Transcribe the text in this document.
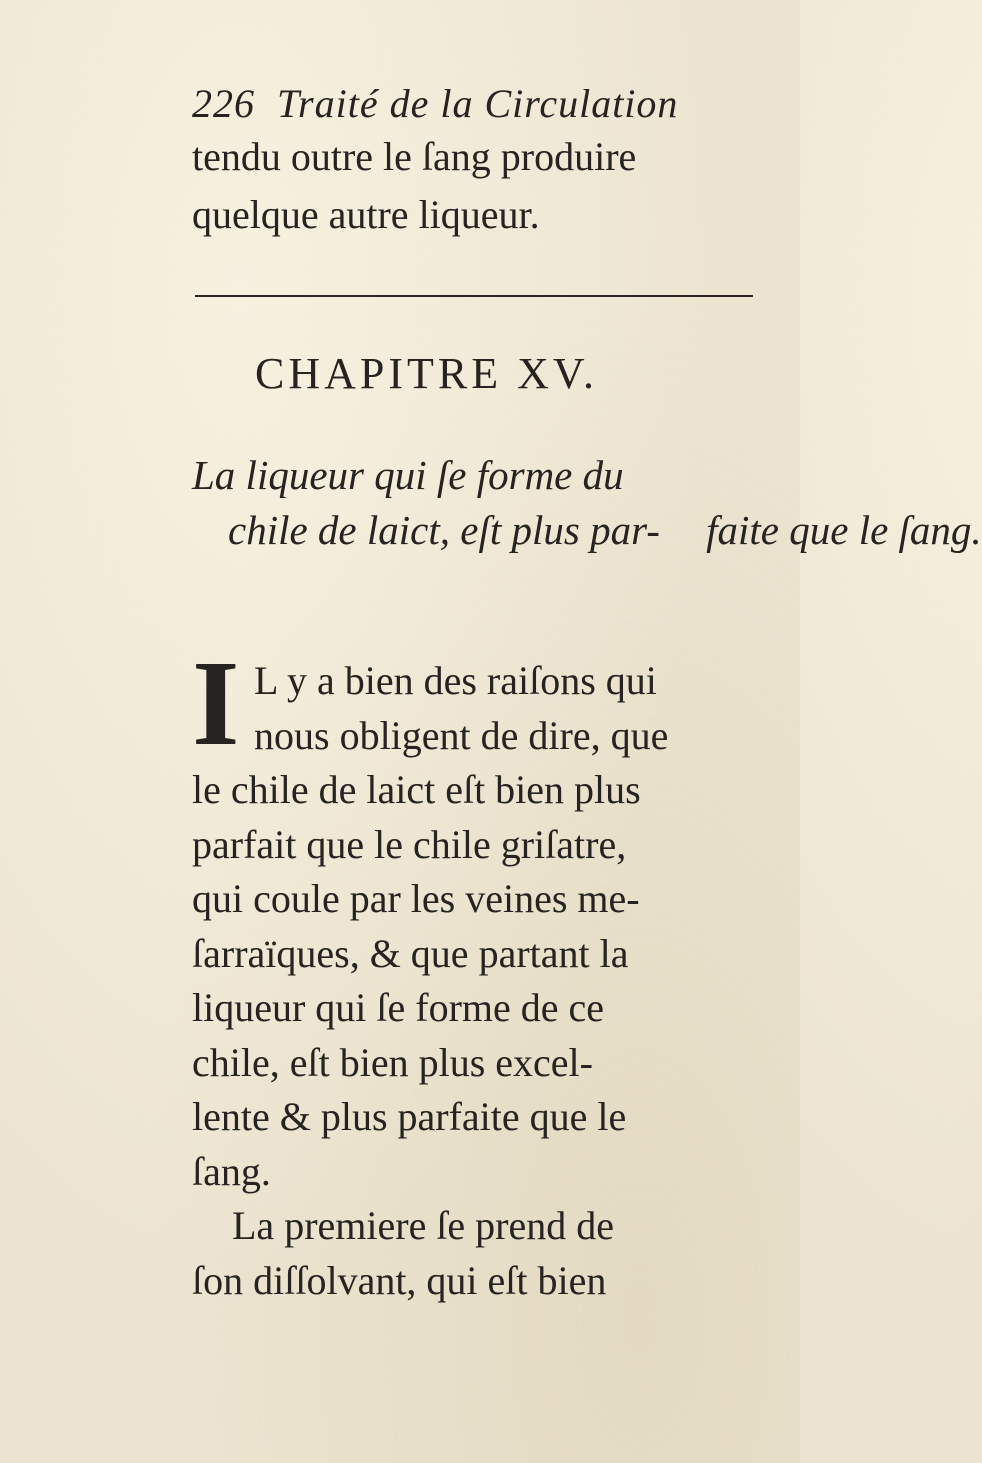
226 Traité de la Circulation
tendu outre le ſang produire
quelque autre liqueur.
CHAPITRE XV.
La liqueur qui ſe forme du
chile de laict, eſt plus par- faite que le ſang.
I L y a bien des raiſons qui
nous obligent de dire, que
le chile de laict eſt bien plus
parfait que le chile griſatre,
qui coule par les veines me-
ſarraïques, & que partant la
liqueur qui ſe forme de ce
chile, eſt bien plus excel-
lente & plus parfaite que le
ſang.
La premiere ſe prend de
ſon diſſolvant, qui eſt bien
